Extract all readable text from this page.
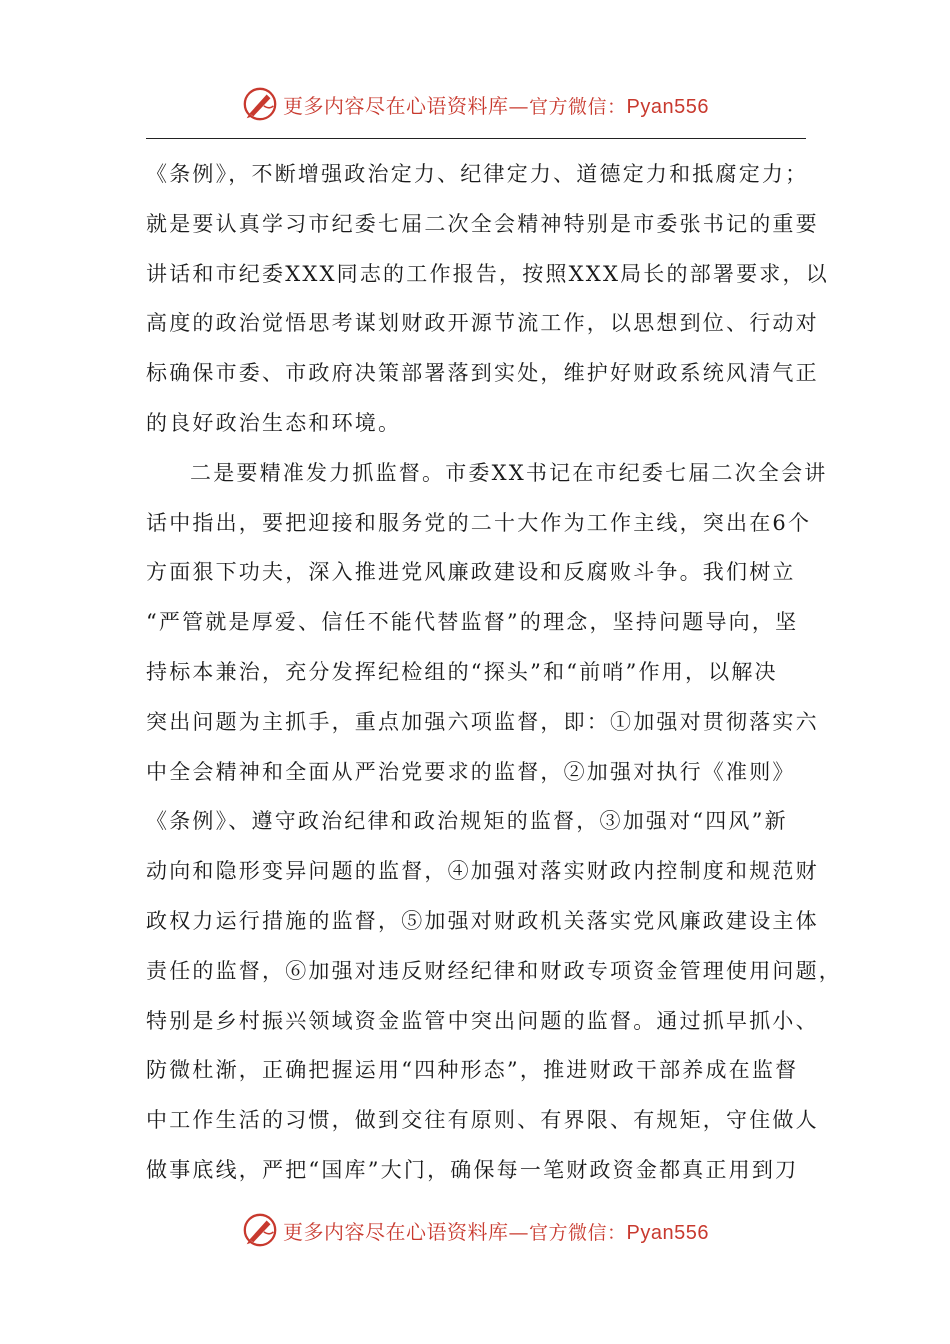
更多内容尽在心语资料库—官方微信：Pyan556
《条例》，不断增强政治定力、纪律定力、道德定力和抵腐定力；
就是要认真学习市纪委七届二次全会精神特别是市委张书记的重要
讲话和市纪委XXX同志的工作报告，按照XXX局长的部署要求，以
高度的政治觉悟思考谋划财政开源节流工作，以思想到位、行动对
标确保市委、市政府决策部署落到实处，维护好财政系统风清气正
的良好政治生态和环境。
二是要精准发力抓监督。市委XX书记在市纪委七届二次全会讲
话中指出，要把迎接和服务党的二十大作为工作主线，突出在6个
方面狠下功夫，深入推进党风廉政建设和反腐败斗争。我们树立
“严管就是厚爱、信任不能代替监督”的理念，坚持问题导向，坚
持标本兼治，充分发挥纪检组的“探头”和“前哨”作用，以解决
突出问题为主抓手，重点加强六项监督，即：①加强对贯彻落实六
中全会精神和全面从严治党要求的监督，②加强对执行《准则》
《条例》、遵守政治纪律和政治规矩的监督，③加强对“四风”新
动向和隐形变异问题的监督，④加强对落实财政内控制度和规范财
政权力运行措施的监督，⑤加强对财政机关落实党风廉政建设主体
责任的监督，⑥加强对违反财经纪律和财政专项资金管理使用问题，
特别是乡村振兴领域资金监管中突出问题的监督。通过抓早抓小、
防微杜渐，正确把握运用“四种形态”，推进财政干部养成在监督
中工作生活的习惯，做到交往有原则、有界限、有规矩，守住做人
做事底线，严把“国库”大门，确保每一笔财政资金都真正用到刀
更多内容尽在心语资料库—官方微信：Pyan556
